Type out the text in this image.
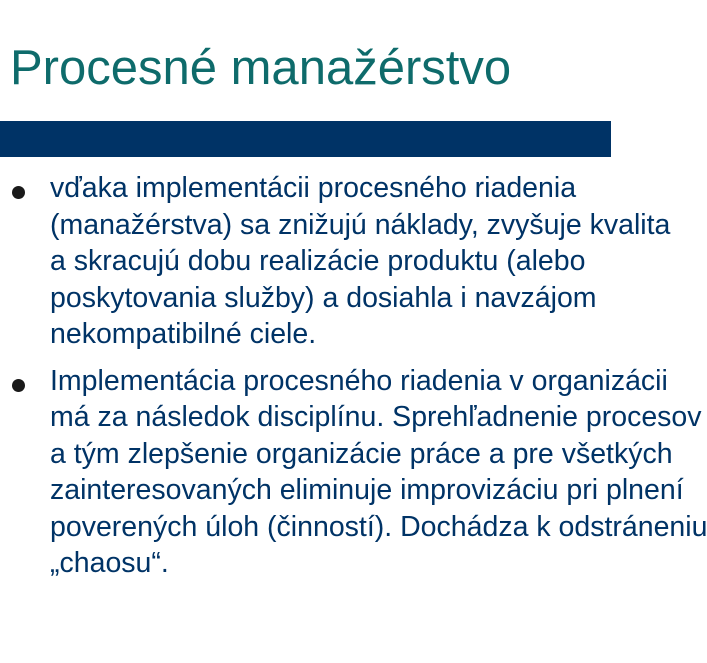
Procesné manažérstvo
vďaka implementácii procesného riadenia
(manažérstva) sa znižujú náklady, zvyšuje kvalita
a skracujú dobu realizácie produktu (alebo
poskytovania služby) a dosiahla i navzájom
nekompatibilné ciele.
Implementácia procesného riadenia v organizácii
má za následok disciplínu. Sprehľadnenie procesov
a tým zlepšenie organizácie práce a pre všetkých
zainteresovaných eliminuje improvizáciu pri plnení
poverených úloh (činností). Dochádza k odstráneniu
„chaosu“.
